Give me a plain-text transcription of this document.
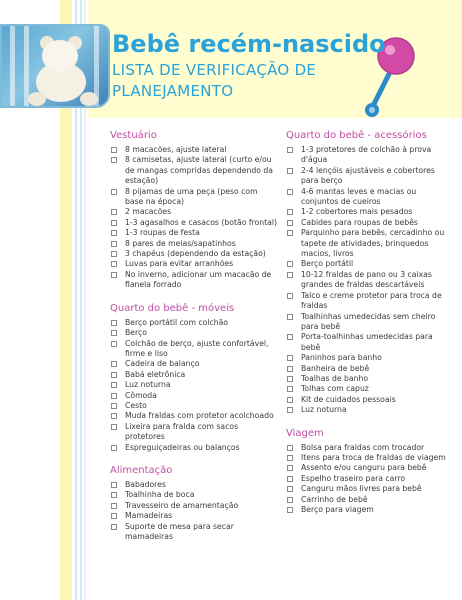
Bebê recém-nascido
LISTA DE VERIFICAÇÃO DE PLANEJAMENTO
Vestuário
8 macacões, ajuste lateral
8 camisetas, ajuste lateral (curto e/ou de mangas compridas dependendo da estação)
8 pijamas de uma peça (peso com base na época)
2 macacões
1-3 agasalhos e casacos (botão frontal)
1-3 roupas de festa
8 pares de meias/sapatinhos
3 chapéus (dependendo da estação)
Luvas para evitar arranhões
No inverno, adicionar um macacão de flanela forrado
Quarto do bebê - móveis
Berço portátil com colchão
Berço
Colchão de berço, ajuste confortável, firme e liso
Cadeira de balanço
Babá eletrônica
Luz noturna
Cômoda
Cesto
Muda fraldas com protetor acolchoado
Lixeira para fralda com sacos protetores
Espreguiçadeiras ou balanços
Alimentação
Babadores
Toalhinha de boca
Travesseiro de amamentação
Mamadeiras
Suporte de mesa para secar mamadeiras
Quarto do bebê - acessórios
1-3 protetores de colchão à prova d'água
2-4 lençóis ajustáveis e cobertores para berço
4-6 mantas leves e macias ou conjuntos de cueiros
1-2 cobertores mais pesados
Cabides para roupas de bebês
Parquinho para bebês, cercadinho ou tapete de atividades, brinquedos macios, livros
Berço portátil
10-12 fraldas de pano ou 3 caixas grandes de fraldas descartáveis
Talco e creme protetor para troca de fraldas
Toalhinhas umedecidas sem cheiro para bebê
Porta-toalhinhas umedecidas para bebê
Paninhos para banho
Banheira de bebê
Toalhas de banho
Tolhas com capuz
Kit de cuidados pessoais
Luz noturna
Viagem
Bolsa para fraldas com trocador
Itens para troca de fraldas de viagem
Assento e/ou canguru para bebê
Espelho traseiro para carro
Canguru mãos livres para bebê
Carrinho de bebê
Berço para viagem
